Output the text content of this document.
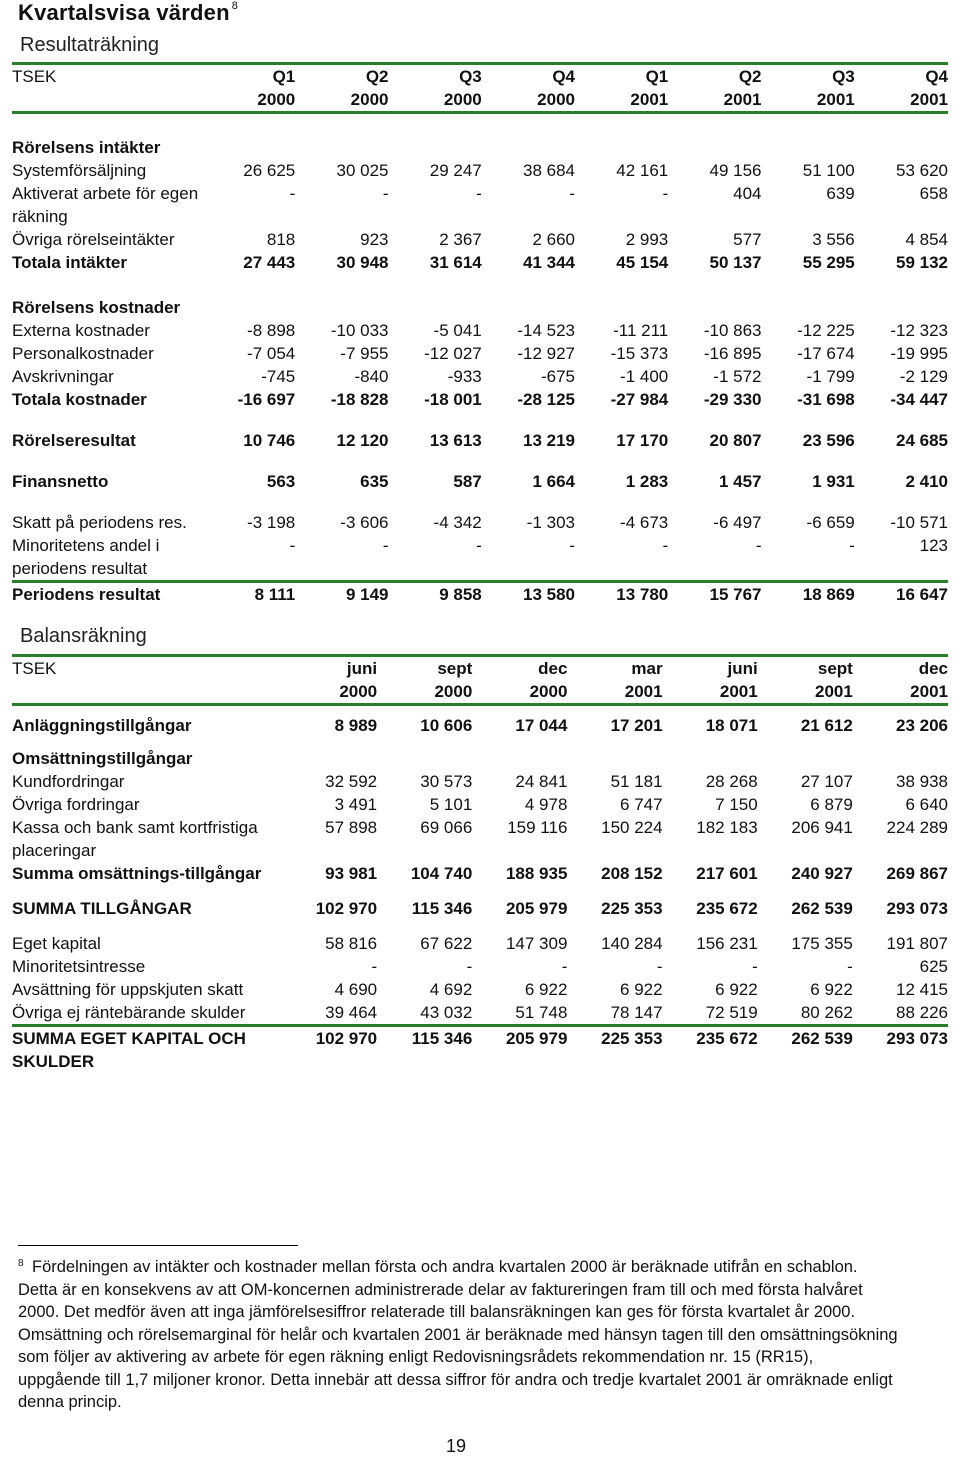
Kvartalsvisa värden $^8$
Resultaträkning
TSEK	Q1	Q2	Q3	Q4	Q1	Q2	Q3	Q4
	2000	2000	2000	2000	2001	2001	2001	2001
Rörelsens intäkter								
Systemförsäljning	26 625	30 025	29 247	38 684	42 161	49 156	51 100	53 620
Aktiverat arbete för egen räkning	-	-	-	-	-	404	639	658
Övriga rörelseintäkter	818	923	2 367	2 660	2 993	577	3 556	4 854
Totala intäkter	27 443	30 948	31 614	41 344	45 154	50 137	55 295	59 132
Rörelsens kostnader								
Externa kostnader	-8 898	-10 033	-5 041	-14 523	-11 211	-10 863	-12 225	-12 323
Personalkostnader	-7 054	-7 955	-12 027	-12 927	-15 373	-16 895	-17 674	-19 995
Avskrivningar	-745	-840	-933	-675	-1 400	-1 572	-1 799	-2 129
Totala kostnader	-16 697	-18 828	-18 001	-28 125	-27 984	-29 330	-31 698	-34 447
Rörelseresultat	10 746	12 120	13 613	13 219	17 170	20 807	23 596	24 685
Finansnetto	563	635	587	1 664	1 283	1 457	1 931	2 410
Skatt på periodens res.	-3 198	-3 606	-4 342	-1 303	-4 673	-6 497	-6 659	-10 571
Minoritetens andel i periodens resultat	-	-	-	-	-	-	-	123
Periodens resultat	8 111	9 149	9 858	13 580	13 780	15 767	18 869	16 647
Balansräkning
TSEK	juni	sept	dec	mar	juni	sept	dec
	2000	2000	2000	2001	2001	2001	2001
Anläggningstillgångar	8 989	10 606	17 044	17 201	18 071	21 612	23 206
Omsättningstillgångar							
Kundfordringar	32 592	30 573	24 841	51 181	28 268	27 107	38 938
Övriga fordringar	3 491	5 101	4 978	6 747	7 150	6 879	6 640
Kassa och bank samt kortfristiga placeringar	57 898	69 066	159 116	150 224	182 183	206 941	224 289
Summa omsättnings-tillgångar	93 981	104 740	188 935	208 152	217 601	240 927	269 867
SUMMA TILLGÅNGAR	102 970	115 346	205 979	225 353	235 672	262 539	293 073
Eget kapital	58 816	67 622	147 309	140 284	156 231	175 355	191 807
Minoritetsintresse	-	-	-	-	-	-	625
Avsättning för uppskjuten skatt	4 690	4 692	6 922	6 922	6 922	6 922	12 415
Övriga ej räntebärande skulder	39 464	43 032	51 748	78 147	72 519	80 262	88 226
SUMMA EGET KAPITAL OCH SKULDER	102 970	115 346	205 979	225 353	235 672	262 539	293 073
8 Fördelningen av intäkter och kostnader mellan första och andra kvartalen 2000 är beräknade utifrån en schablon. Detta är en konsekvens av att OM-koncernen administrerade delar av faktureringen fram till och med första halvåret 2000. Det medför även att inga jämförelsesiffror relaterade till balansräkningen kan ges för första kvartalet år 2000. Omsättning och rörelsemarginal för helår och kvartalen 2001 är beräknade med hänsyn tagen till den omsättningsökning som följer av aktivering av arbete för egen räkning enligt Redovisningsrådets rekommendation nr. 15 (RR15), uppgående till 1,7 miljoner kronor. Detta innebär att dessa siffror för andra och tredje kvartalet 2001 är omräknade enligt denna princip.
19
